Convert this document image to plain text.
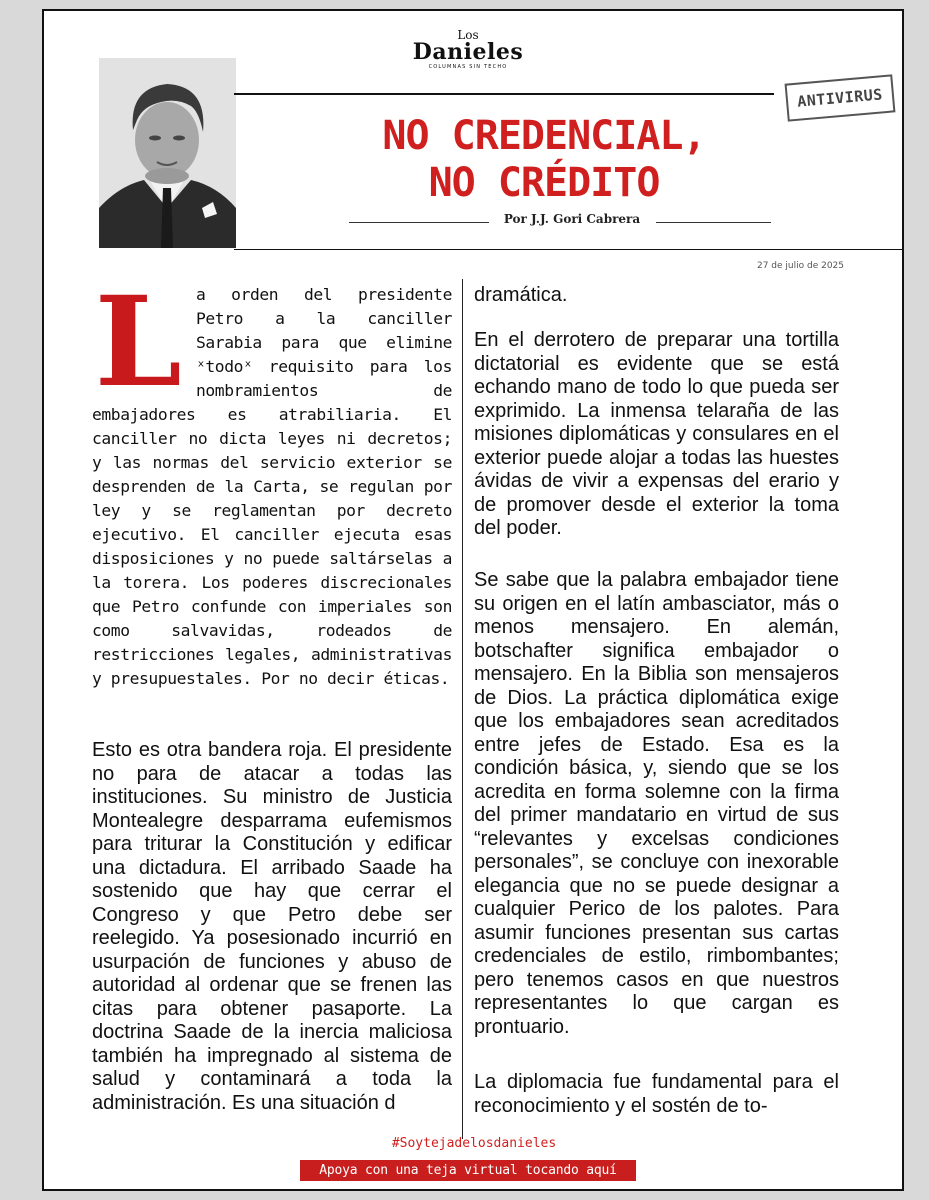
Los
Danieles
COLUMNAS SIN TECHO
ANTIVIRUS
NO CREDENCIAL,
NO CRÉDITO
Por J.J. Gori Cabrera
27 de julio de 2025
L a orden del presidente Petro a la canciller Sarabia para que elimine ˣtodoˣ requisito para los nombramientos de embajadores es atrabiliaria. El canciller no dicta leyes ni decretos; y las normas del servicio exterior se desprenden de la Carta, se regulan por ley y se reglamentan por decreto ejecutivo. El canciller ejecuta esas disposiciones y no puede saltárselas a la torera. Los poderes discrecionales que Petro confunde con imperiales son como salvavidas, rodeados de restricciones legales, administrativas y presupuestales. Por no decir éticas.

Esto es otra bandera roja. El presidente no para de atacar a todas las instituciones. Su ministro de Justicia Montealegre desparrama eufemismos para triturar la Constitución y edificar una dictadura. El arribado Saade ha sostenido que hay que cerrar el Congreso y que Petro debe ser reelegido. Ya posesionado incurrió en usurpación de funciones y abuso de autoridad al ordenar que se frenen las citas para obtener pasaporte. La doctrina Saade de la inercia maliciosa también ha impregnado al sistema de salud y contaminará a toda la administración. Es una situación d

dramática.

En el derrotero de preparar una tortilla dictatorial es evidente que se está echando mano de todo lo que pueda ser exprimido. La inmensa telaraña de las misiones diplomáticas y consulares en el exterior puede alojar a todas las huestes ávidas de vivir a expensas del erario y de promover desde el exterior la toma del poder.

Se sabe que la palabra embajador tiene su origen en el latín ambasciator, más o menos mensajero. En alemán, botschafter significa embajador o mensajero. En la Biblia son mensajeros de Dios. La práctica diplomática exige que los embajadores sean acreditados entre jefes de Estado. Esa es la condición básica, y, siendo que se los acredita en forma solemne con la firma del primer mandatario en virtud de sus “relevantes y excelsas condiciones personales”, se concluye con inexorable elegancia que no se puede designar a cualquier Perico de los palotes. Para asumir funciones presentan sus cartas credenciales de estilo, rimbombantes; pero tenemos casos en que nuestros representantes lo que cargan es prontuario.

La diplomacia fue fundamental para el reconocimiento y el sostén de to-

#Soytejadelosdanieles
Apoya con una teja virtual tocando aquí
